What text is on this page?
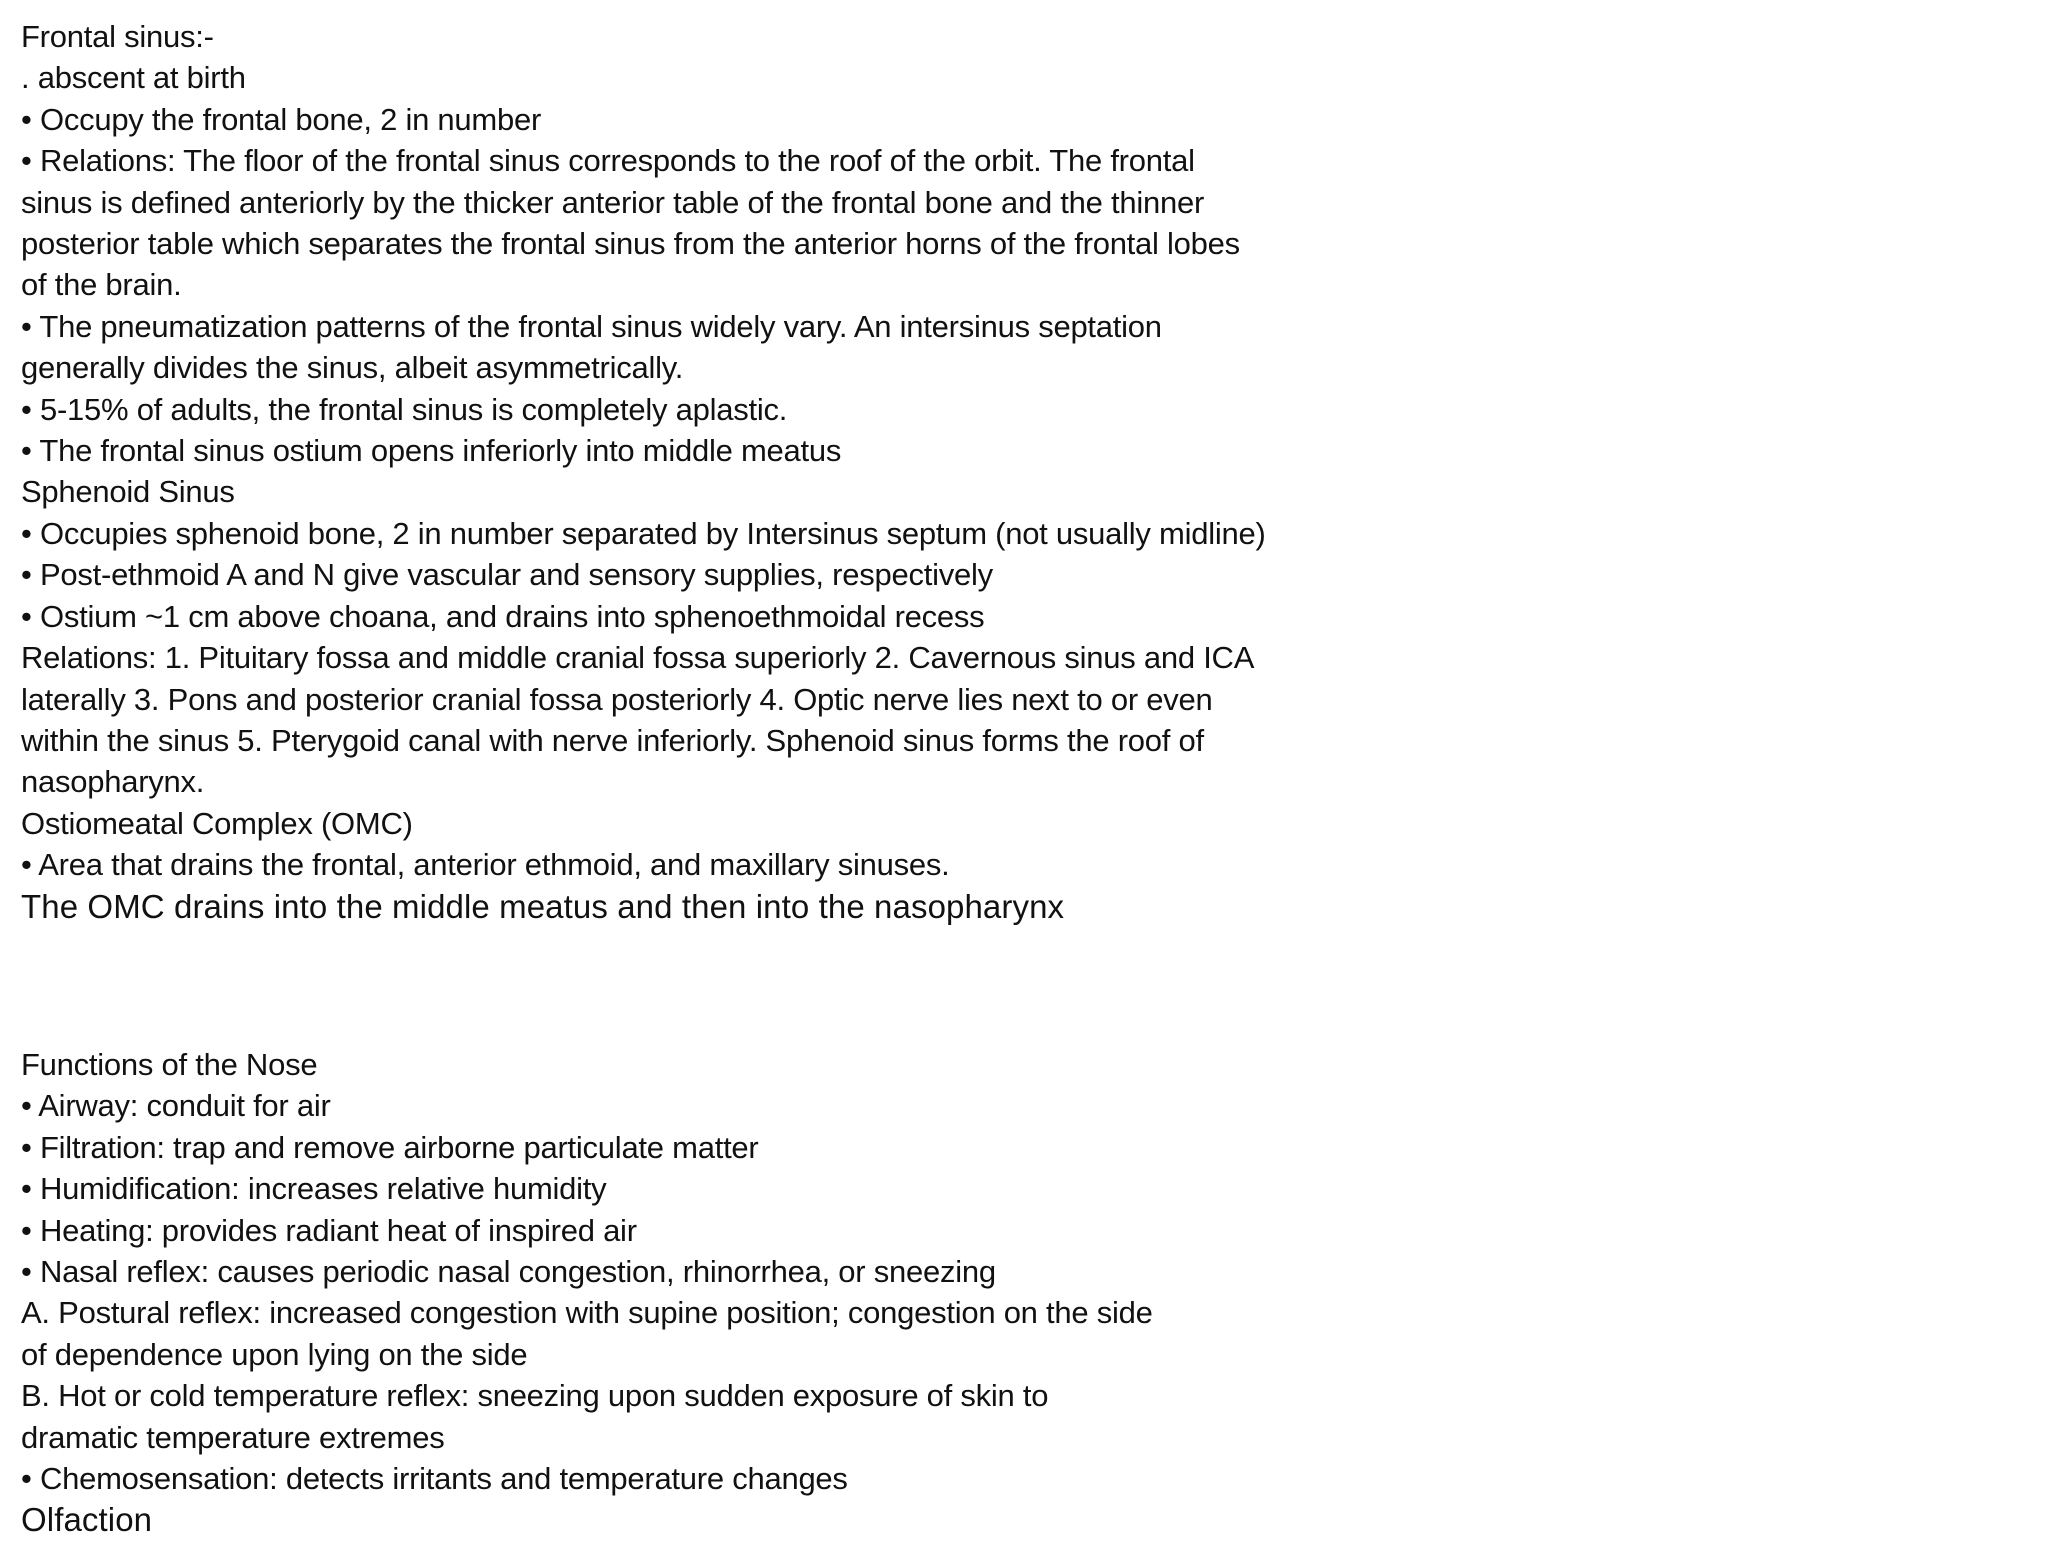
Frontal sinus:-
. abscent at birth
• Occupy the frontal bone, 2 in number
• Relations: The floor of the frontal sinus corresponds to the roof of the orbit. The frontal
sinus is defined anteriorly by the thicker anterior table of the frontal bone and the thinner
posterior table which separates the frontal sinus from the anterior horns of the frontal lobes
of the brain.
• The pneumatization patterns of the frontal sinus widely vary. An intersinus septation
generally divides the sinus, albeit asymmetrically.
• 5-15% of adults, the frontal sinus is completely aplastic.
• The frontal sinus ostium opens inferiorly into middle meatus
Sphenoid Sinus
• Occupies sphenoid bone, 2 in number separated by Intersinus septum (not usually midline)
• Post-ethmoid A and N give vascular and sensory supplies, respectively
• Ostium ~1 cm above choana, and drains into sphenoethmoidal recess
Relations: 1. Pituitary fossa and middle cranial fossa superiorly 2. Cavernous sinus and ICA
laterally 3. Pons and posterior cranial fossa posteriorly 4. Optic nerve lies next to or even
within the sinus 5. Pterygoid canal with nerve inferiorly. Sphenoid sinus forms the roof of
nasopharynx.
Ostiomeatal Complex (OMC)
• Area that drains the frontal, anterior ethmoid, and maxillary sinuses.
The OMC drains into the middle meatus and then into the nasopharynx
Functions of the Nose
• Airway: conduit for air
• Filtration: trap and remove airborne particulate matter
• Humidification: increases relative humidity
• Heating: provides radiant heat of inspired air
• Nasal reflex: causes periodic nasal congestion, rhinorrhea, or sneezing
A. Postural reflex: increased congestion with supine position; congestion on the side
of dependence upon lying on the side
B. Hot or cold temperature reflex: sneezing upon sudden exposure of skin to
dramatic temperature extremes
• Chemosensation: detects irritants and temperature changes
Olfaction
